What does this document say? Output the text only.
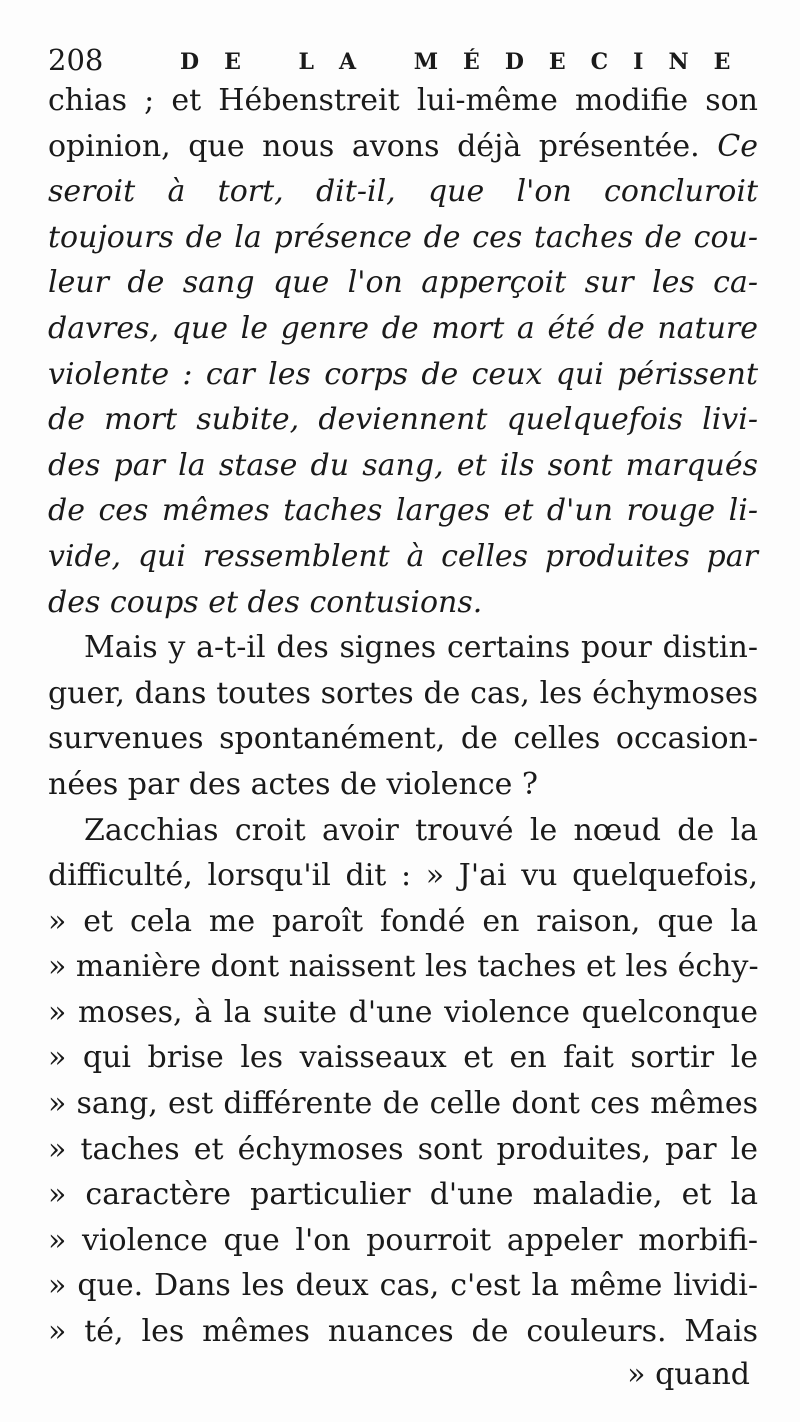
208	DE LA MÉDECINE
chias ; et Hébenstreit lui-même modifie son
opinion, que nous avons déjà présentée. Ce
seroit à tort, dit-il, que l'on concluroit
toujours de la présence de ces taches de cou-
leur de sang que l'on apperçoit sur les ca-
davres, que le genre de mort a été de nature
violente : car les corps de ceux qui périssent
de mort subite, deviennent quelquefois livi-
des par la stase du sang, et ils sont marqués
de ces mêmes taches larges et d'un rouge li-
vide, qui ressemblent à celles produites par
des coups et des contusions.
Mais y a-t-il des signes certains pour distin-
guer, dans toutes sortes de cas, les échymoses
survenues spontanément, de celles occasion-
nées par des actes de violence ?
Zacchias croit avoir trouvé le nœud de la
difficulté, lorsqu'il dit : » J'ai vu quelquefois,
» et cela me paroît fondé en raison, que la
» manière dont naissent les taches et les échy-
» moses, à la suite d'une violence quelconque
» qui brise les vaisseaux et en fait sortir le
» sang, est différente de celle dont ces mêmes
» taches et échymoses sont produites, par le
» caractère particulier d'une maladie, et la
» violence que l'on pourroit appeler morbifi-
» que. Dans les deux cas, c'est la même lividi-
» té, les mêmes nuances de couleurs. Mais
» quand
